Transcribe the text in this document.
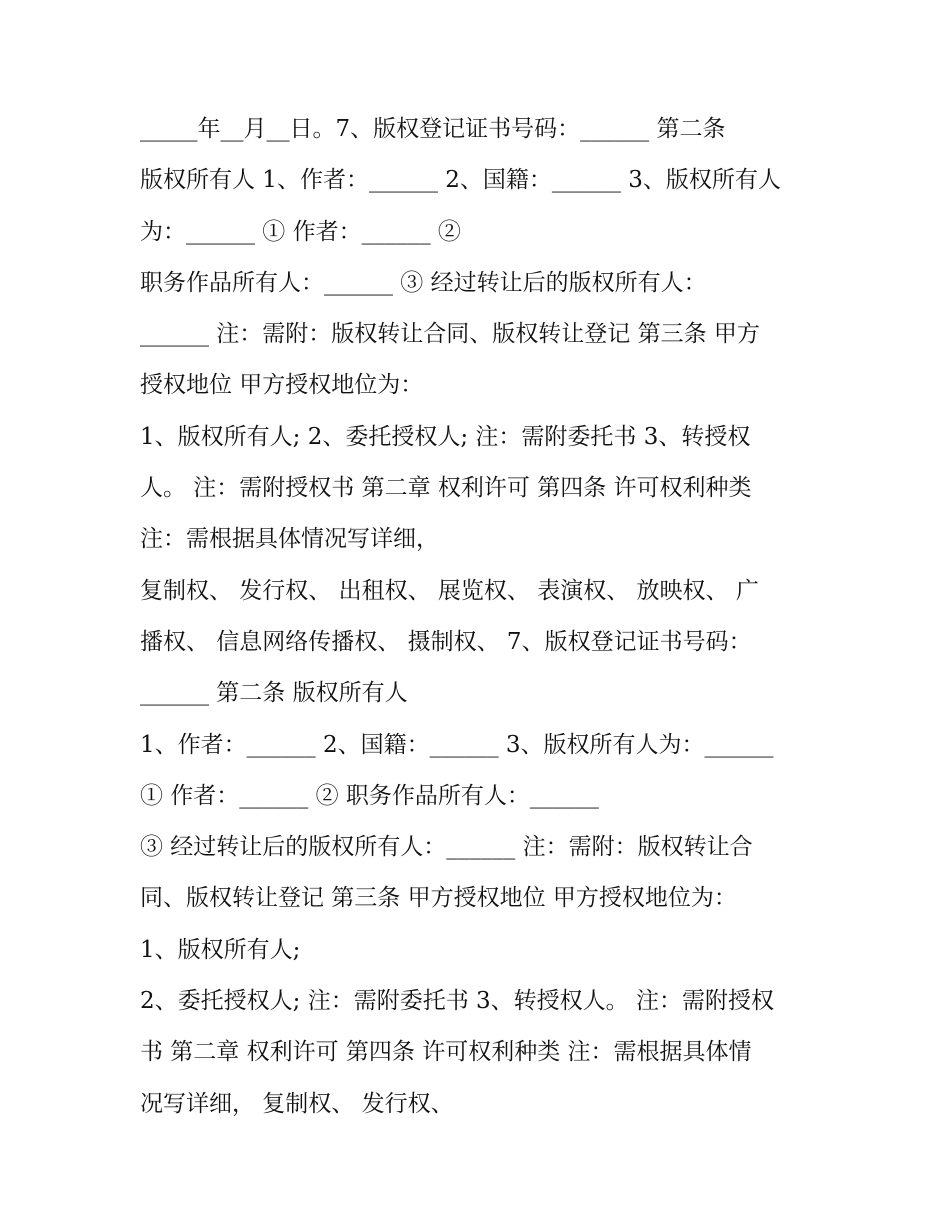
_____年__月__日。7、版权登记证书号码：______ 第二条
版权所有人 1、作者：______ 2、国籍：______ 3、版权所有人
为：______ ① 作者：______ ②
职务作品所有人：______ ③ 经过转让后的版权所有人：
______ 注：需附：版权转让合同、版权转让登记 第三条 甲方
授权地位 甲方授权地位为：
1、版权所有人; 2、委托授权人; 注：需附委托书 3、转授权
人。 注：需附授权书 第二章 权利许可 第四条 许可权利种类
注：需根据具体情况写详细，
复制权、 发行权、 出租权、 展览权、 表演权、 放映权、 广
播权、 信息网络传播权、 摄制权、 7、版权登记证书号码：
______ 第二条 版权所有人
1、作者：______ 2、国籍：______ 3、版权所有人为：______
① 作者：______ ② 职务作品所有人：______
③ 经过转让后的版权所有人：______ 注：需附：版权转让合
同、版权转让登记 第三条 甲方授权地位 甲方授权地位为：
1、版权所有人;
2、委托授权人; 注：需附委托书 3、转授权人。 注：需附授权
书 第二章 权利许可 第四条 许可权利种类 注：需根据具体情
况写详细， 复制权、 发行权、
